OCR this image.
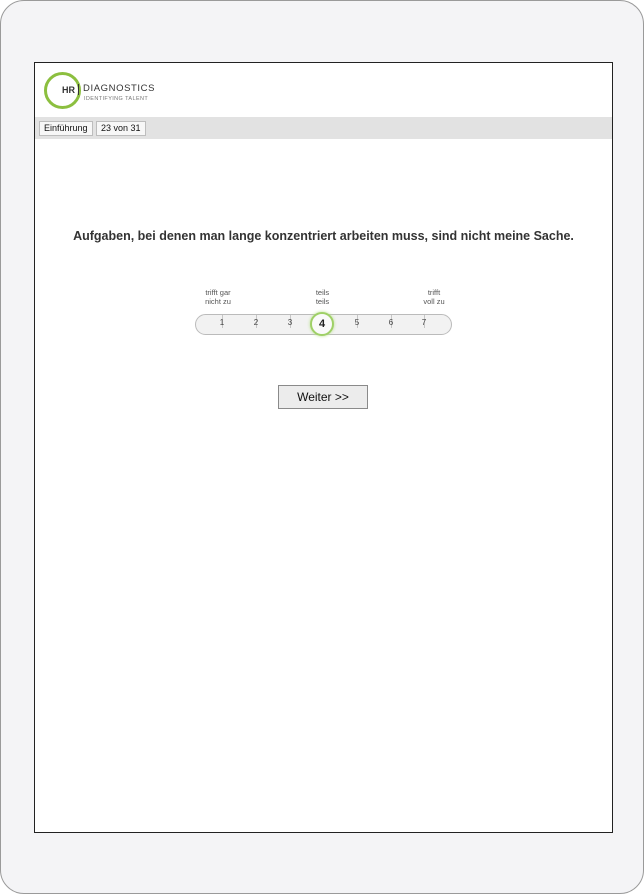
HR DIAGNOSTICS
IDENTIFYING TALENT
Einführung	23 von 31
Aufgaben, bei denen man lange konzentriert arbeiten muss, sind nicht meine Sache.
trifft gar
nicht zu
teils
teils
trifft
voll zu
1	2	3	5	6	7
4
Weiter >>
